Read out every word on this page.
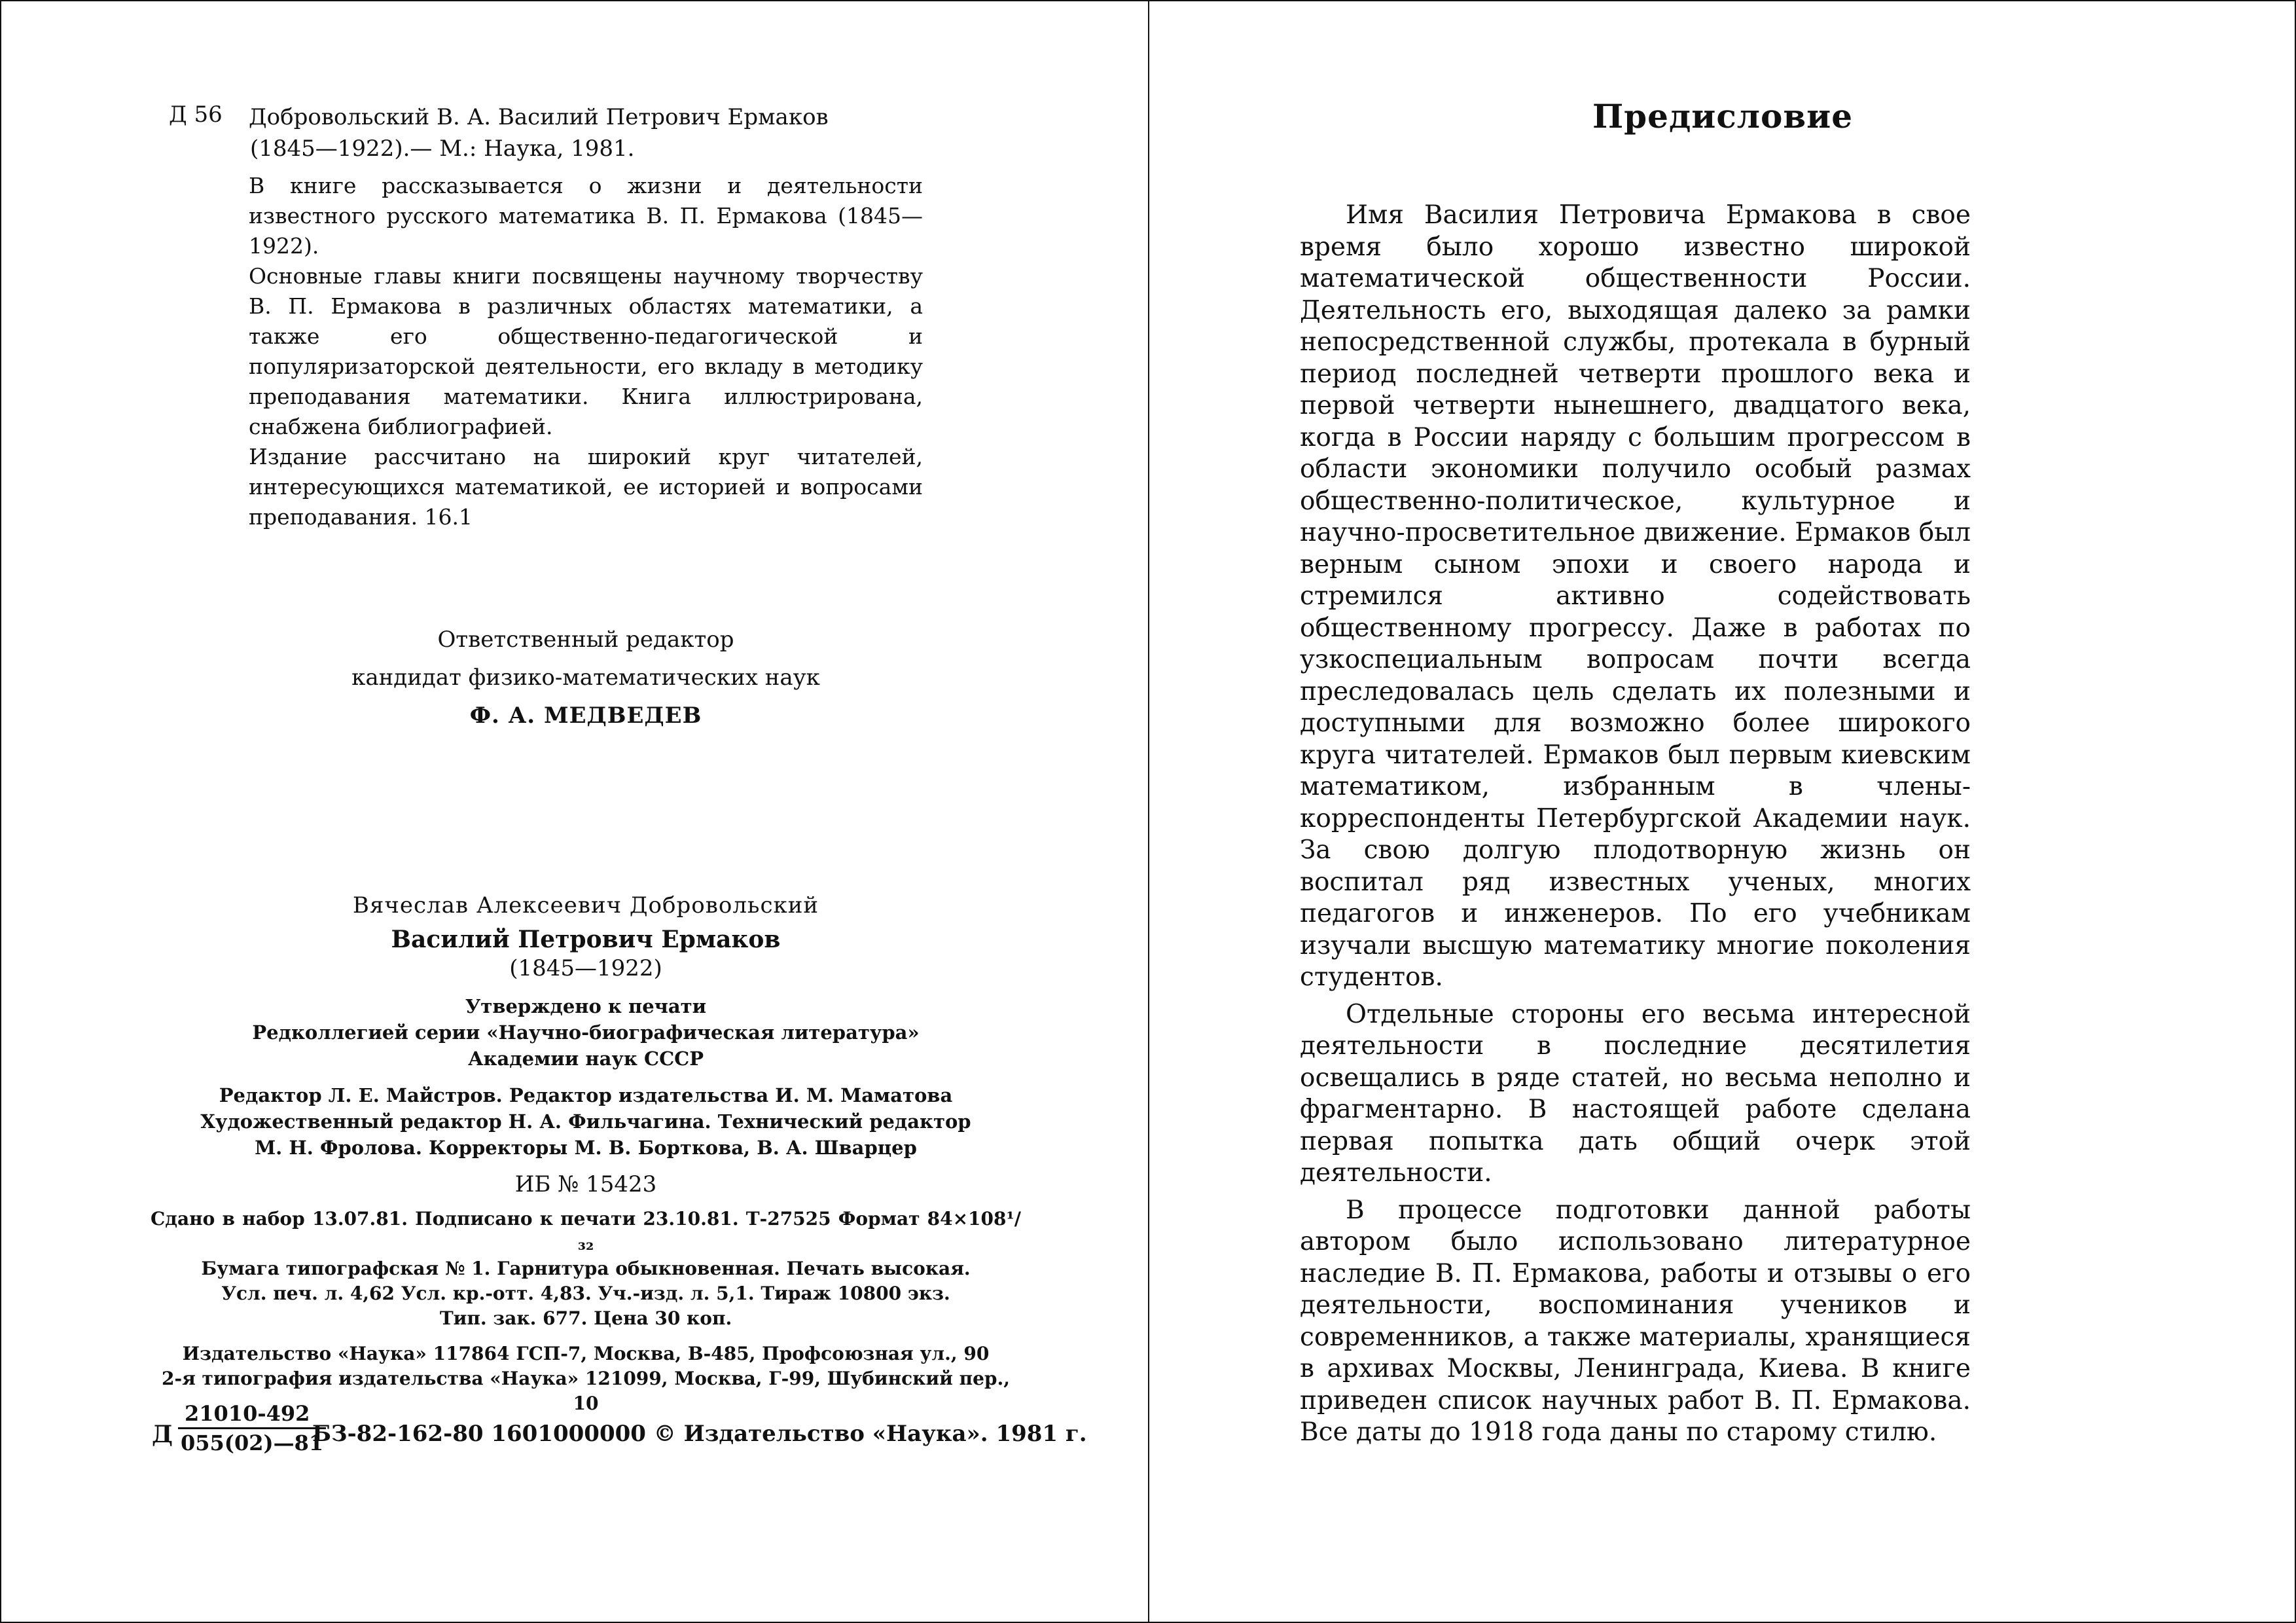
Д 56 Добровольский В. А. Василий Петрович Ермаков

(1845—1922).— М.: Наука, 1981.

В книге рассказывается о жизни и деятельности известного русского математика В. П. Ермакова (1845—1922).

Основные главы книги посвящены научному творчеству В. П. Ермакова в различных областях математики, а также его общественно-педагогической и популяризаторской деятельности, его вкладу в методику преподавания математики. Книга иллюстрирована, снабжена библиографией.

Издание рассчитано на широкий круг читателей, интересующихся математикой, ее историей и вопросами преподавания. 16.1

Ответственный редактор
кандидат физико-математических наук
Ф. А. МЕДВЕДЕВ
Вячеслав Алексеевич Добровольский
Василий Петрович Ермаков
(1845—1922)
Утверждено к печати
Редколлегией серии «Научно-биографическая литература»
Академии наук СССР
Редактор Л. Е. Майстров. Редактор издательства И. М. Маматова
Художественный редактор Н. А. Фильчагина. Технический редактор
М. Н. Фролова. Корректоры М. В. Борткова, В. А. Шварцер
ИБ № 15423
Сдано в набор 13.07.81. Подписано к печати 23.10.81. Т-27525 Формат 84×108¹/₃₂
Бумага типографская № 1. Гарнитура обыкновенная. Печать высокая.
Усл. печ. л. 4,62 Усл. кр.-отт. 4,83. Уч.-изд. л. 5,1. Тираж 10800 экз.
Тип. зак. 677. Цена 30 коп.
Издательство «Наука» 117864 ГСП-7, Москва, В-485, Профсоюзная ул., 90
2-я типография издательства «Наука» 121099, Москва, Г-99, Шубинский пер., 10
Д $\frac{21010-492}{055(02)—81}$
БЗ-82-162-80 1601000000 © Издательство «Наука». 1981 г.
Предисловие

Имя Василия Петровича Ермакова в свое время было хорошо известно широкой математической общественности России. Деятельность его, выходящая далеко за рамки непосредственной службы, протекала в бурный период последней четверти прошлого века и первой четверти нынешнего, двадцатого века, когда в России наряду с большим прогрессом в области экономики получило особый размах общественно-политическое, культурное и научно-просветительное движение. Ермаков был верным сыном эпохи и своего народа и стремился активно содействовать общественному прогрессу. Даже в работах по узкоспециальным вопросам почти всегда преследовалась цель сделать их полезными и доступными для возможно более широкого круга читателей. Ермаков был первым киевским математиком, избранным в члены-корреспонденты Петербургской Академии наук. За свою долгую плодотворную жизнь он воспитал ряд известных ученых, многих педагогов и инженеров. По его учебникам изучали высшую математику многие поколения студентов.

Отдельные стороны его весьма интересной деятельности в последние десятилетия освещались в ряде статей, но весьма неполно и фрагментарно. В настоящей работе сделана первая попытка дать общий очерк этой деятельности.

В процессе подготовки данной работы автором было использовано литературное наследие В. П. Ермакова, работы и отзывы о его деятельности, воспоминания учеников и современников, а также материалы, хранящиеся в архивах Москвы, Ленинграда, Киева. В книге приведен список научных работ В. П. Ермакова. Все даты до 1918 года даны по старому стилю.
